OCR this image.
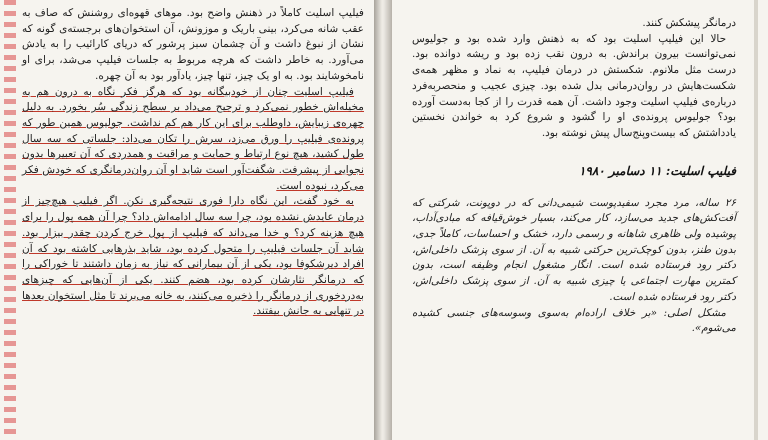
فیلیپ اسلیت کاملاً در ذهنش واضح بود. موهای قهوه‌ای روشنش که صاف به عقب شانه می‌کرد، بینی باریک و موزونش، آن استخوان‌های برجسته‌ی گونه که نشان از نبوغ داشت و آن چشمان سبز پرشور که دریای کارائیب را به یادش می‌آورد. به خاطر داشت که هرچه مربوط به جلسات فیلیپ می‌شد، برای او نامخوشایند بود. به او یک چیز، تنها چیز، یادآور بود به آن چهره.

فیلیپ اسلیت چنان از خودبیگانه بود که هرگز فکر نگاه به درون هم به مخیله‌اش خطور نمی‌کرد و ترجیح می‌داد بر سطح زندگی سُر بخورد. به دلیل چهره‌ی زیبایش، داوطلب برای این کار هم کم نداشت. جولیوس همین طور که پرونده‌ی فیلیپ را ورق می‌زد، سرش را تکان می‌داد: جلساتی که سه سال طول کشید، هیچ نوع ارتباط و حمایت و مراقبت و همدردی که آن تعبیرها بدون نجوایی از پیشرفت. شگفت‌آور است شاید او آن روان‌درمانگری که خودش فکر می‌کرد، نبوده است.

به خود گفت، این نگاه دارا فوری نتیجه‌گیری نکن. اگر فیلیپ هیچ‌چیز از درمان عایدش نشده بود، چرا سه سال ادامه‌اش داد؟ چرا آن همه پول را برای هیچ هزینه کرد؟ و خدا می‌داند که فیلیپ از پول خرج کردن چقدر بیزار بود. شاید آن جلسات فیلیپ را متحول کرده بود، شاید بذرهایی کاشته بود که آن افراد دیرشکوفا بود، یکی از آن بیمارانی که نیاز به زمان داشتند تا خوراکی را که درمانگر نثارشان کرده بود، هضم کنند. یکی از آن‌هایی که چیزهای به‌دردخوری از درمانگر را ذخیره می‌کنند، به خانه می‌برند تا مثل استخوان بعدها در تنهایی به جانش بیفتند.

درمانگر پیشکش کنند.

حالا این فیلیپ اسلیت بود که به ذهنش وارد شده بود و جولیوس نمی‌توانست بیرون براندش. به درون نقب زده بود و ریشه دوانده بود. درست مثل ملانوم. شکستش در درمان فیلیپ، به نماد و مظهر همه‌ی شکست‌هایش در روان‌درمانی بدل شده بود. چیزی عجیب و منحصربه‌فرد درباره‌ی فیلیپ اسلیت وجود داشت. آن همه قدرت را از کجا به‌دست آورده بود؟ جولیوس پرونده‌ی او را گشود و شروع کرد به خواندن نخستین یادداشتش که بیست‌وپنج‌سال پیش نوشته بود.

فیلیپ اسلیت: ۱۱ دسامبر ۱۹۸۰

۲۶ ساله، مرد مجرد سفیدپوست شیمی‌دانی که در دوپونت، شرکتی که آفت‌کش‌های جدید می‌سازد، کار می‌کند، بسیار خوش‌قیافه که مبادی‌آداب، پوشیده ولی ظاهری شاهانه و رسمی دارد، خشک و احساسات، کاملاً جدی، بدون طنز، بدون کوچک‌ترین حرکتی شبیه به آن. از سوی پزشک داخلی‌اش، دکتر رود فرستاده شده است. انگار مشغول انجام وظیفه است، بدون کمترین مهارت اجتماعی یا چیزی شبیه به آن. از سوی پزشک داخلی‌اش، دکتر رود فرستاده شده است.

مشکل اصلی: «بر خلاف اراده‌ام به‌سوی وسوسه‌های جنسی کشیده می‌شوم».
